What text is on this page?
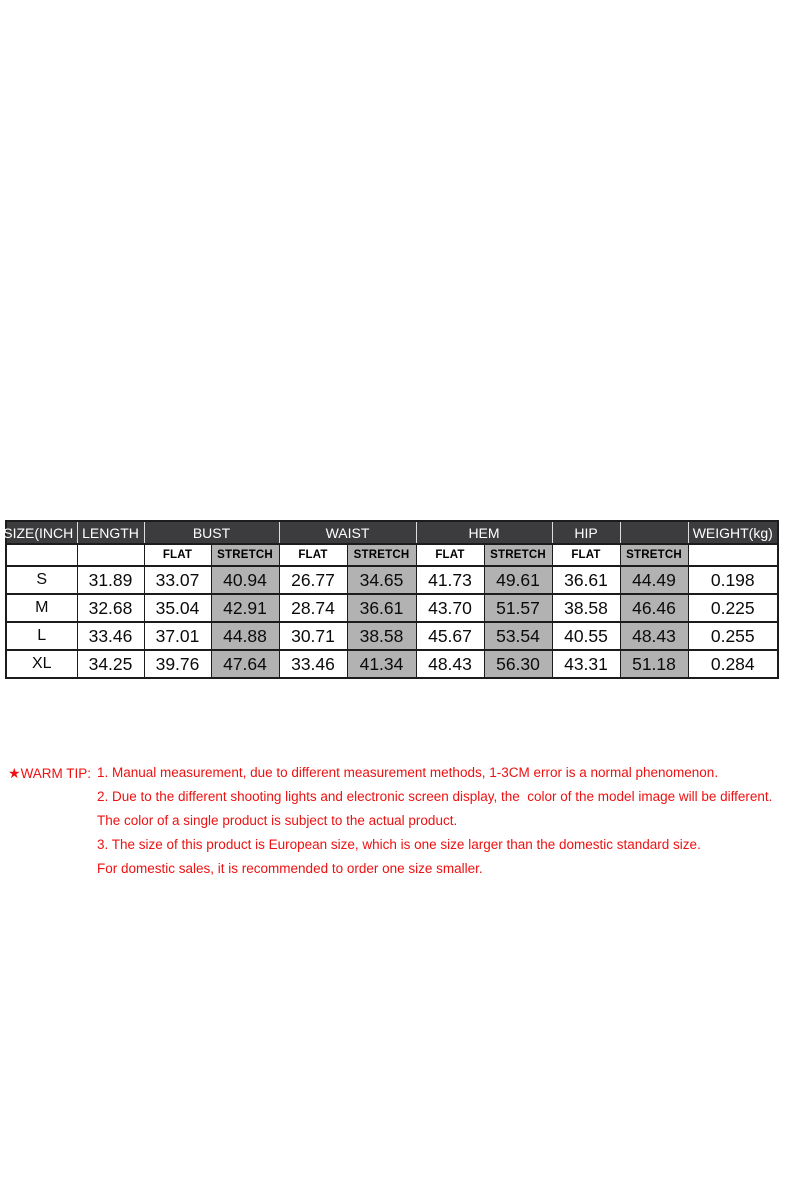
SIZE(INCH	LENGTH	BUST		WAIST		HEM		HIP		WEIGHT(kg)
		FLAT	STRETCH	FLAT	STRETCH	FLAT	STRETCH	FLAT	STRETCH	
S	31.89	33.07	40.94	26.77	34.65	41.73	49.61	36.61	44.49	0.198
M	32.68	35.04	42.91	28.74	36.61	43.70	51.57	38.58	46.46	0.225
L	33.46	37.01	44.88	30.71	38.58	45.67	53.54	40.55	48.43	0.255
XL	34.25	39.76	47.64	33.46	41.34	48.43	56.30	43.31	51.18	0.284
★WARM TIP: 1. Manual measurement, due to different measurement methods, 1-3CM error is a normal phenomenon.
2. Due to the different shooting lights and electronic screen display, the  color of the model image will be different.
The color of a single product is subject to the actual product.
3. The size of this product is European size, which is one size larger than the domestic standard size.
For domestic sales, it is recommended to order one size smaller.
